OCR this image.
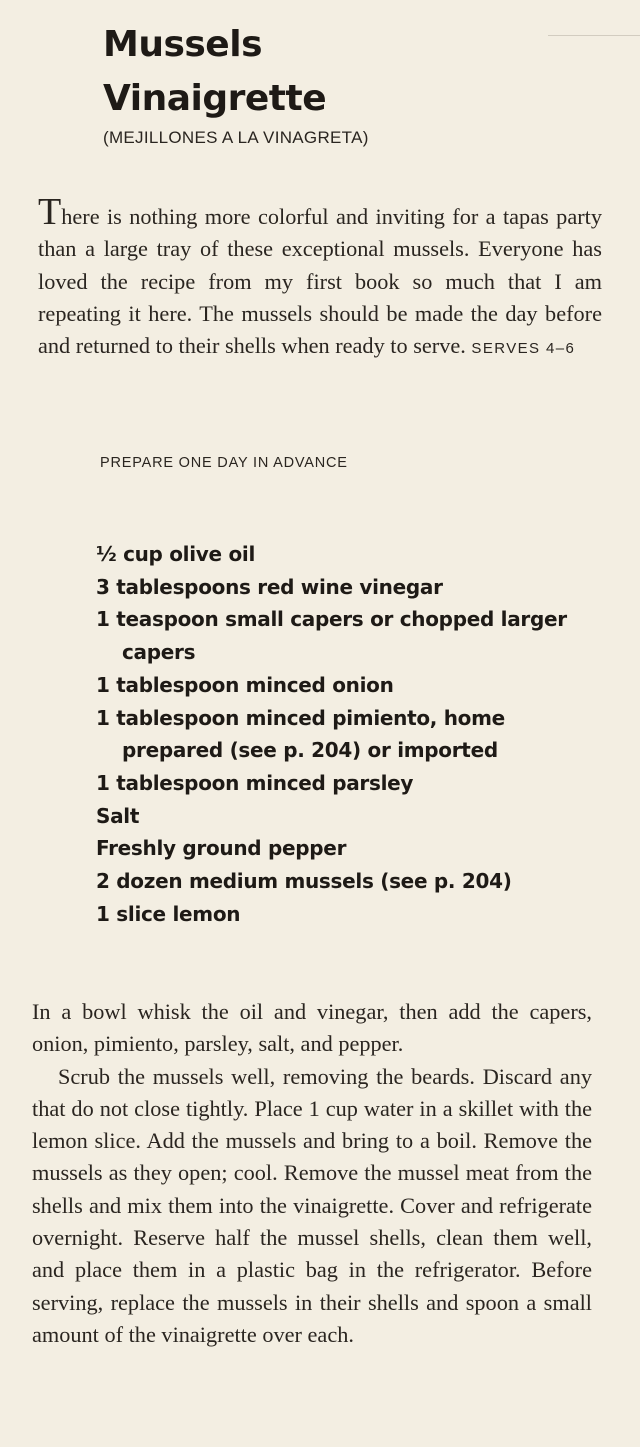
Mussels
Vinaigrette
(MEJILLONES A LA VINAGRETA)

There is nothing more colorful and inviting for a tapas party than a large tray of these exceptional mussels. Everyone has loved the recipe from my first book so much that I am repeating it here. The mussels should be made the day before and returned to their shells when ready to serve. SERVES 4–6

PREPARE ONE DAY IN ADVANCE
½ cup olive oil
3 tablespoons red wine vinegar
1 teaspoon small capers or chopped larger capers
1 tablespoon minced onion
1 tablespoon minced pimiento, home prepared (see p. 204) or imported
1 tablespoon minced parsley
Salt
Freshly ground pepper
2 dozen medium mussels (see p. 204)
1 slice lemon

In a bowl whisk the oil and vinegar, then add the capers, onion, pimiento, parsley, salt, and pepper.

Scrub the mussels well, removing the beards. Discard any that do not close tightly. Place 1 cup water in a skillet with the lemon slice. Add the mussels and bring to a boil. Remove the mussels as they open; cool. Remove the mussel meat from the shells and mix them into the vinaigrette. Cover and refrigerate overnight. Reserve half the mussel shells, clean them well, and place them in a plastic bag in the refrigerator. Before serving, replace the mussels in their shells and spoon a small amount of the vinaigrette over each.
